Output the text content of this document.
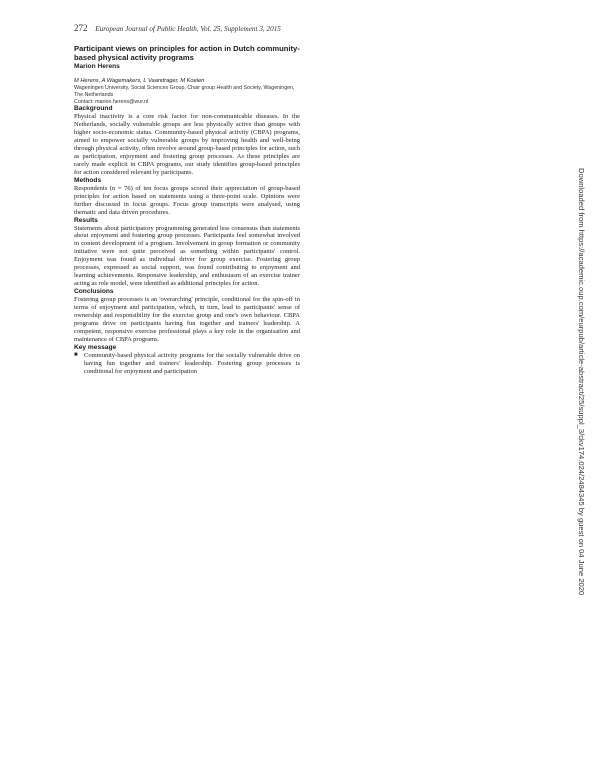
272 European Journal of Public Health, Vol. 25, Supplement 3, 2015

Participant views on principles for action in Dutch community-based physical activity programs

Marion Herens

M Herens, A Wagemakers, L Vaandrager, M Koelen

Wageningen University, Social Sciences Group, Chair group Health and Society, Wageningen, The Netherlands

Contact: marion.herens@wur.nl

Background

Physical inactivity is a core risk factor for non-communicable diseases. In the Netherlands, socially vulnerable groups are less physically active than groups with higher socio-economic status. Community-based physical activity (CBPA) programs, aimed to empower socially vulnerable groups by improving health and well-being through physical activity, often revolve around group-based principles for action, such as participation, enjoyment and fostering group processes. As these principles are rarely made explicit in CBPA programs, our study identifies group-based principles for action considered relevant by participants.

Methods

Respondents (n = 76) of ten focus groups scored their appreciation of group-based principles for action based on statements using a three-point scale. Opinions were further discussed in focus groups. Focus group transcripts were analysed, using thematic and data driven procedures.

Results

Statements about participatory programming generated less consensus than statements about enjoyment and fostering group processes. Participants feel somewhat involved in content development of a program. Involvement in group formation or community initiative were not quite perceived as something within participants' control. Enjoyment was found as individual driver for group exercise. Fostering group processes, expressed as social support, was found contributing to enjoyment and learning achievements. Responsive leadership, and enthusiasm of an exercise trainer acting as role model, were identified as additional principles for action.

Conclusions

Fostering group processes is an 'overarching' principle, conditional for the spin-off in terms of enjoyment and participation, which, in turn, lead to participants' sense of ownership and responsibility for the exercise group and one's own behaviour. CBPA programs drive on participants having fun together and trainers' leadership. A competent, responsive exercise professional plays a key role in the organisation and maintenance of CBPA programs.

Key message

■ Community-based physical activity programs for the socially vulnerable drive on having fun together and trainers' leadership. Fostering group processes is conditional for enjoyment and participation	Downloaded from https://academic.oup.com/eurpub/article-abstract/25/suppl_3/ckv174.024/2484345 by guest on 04 June 2020
